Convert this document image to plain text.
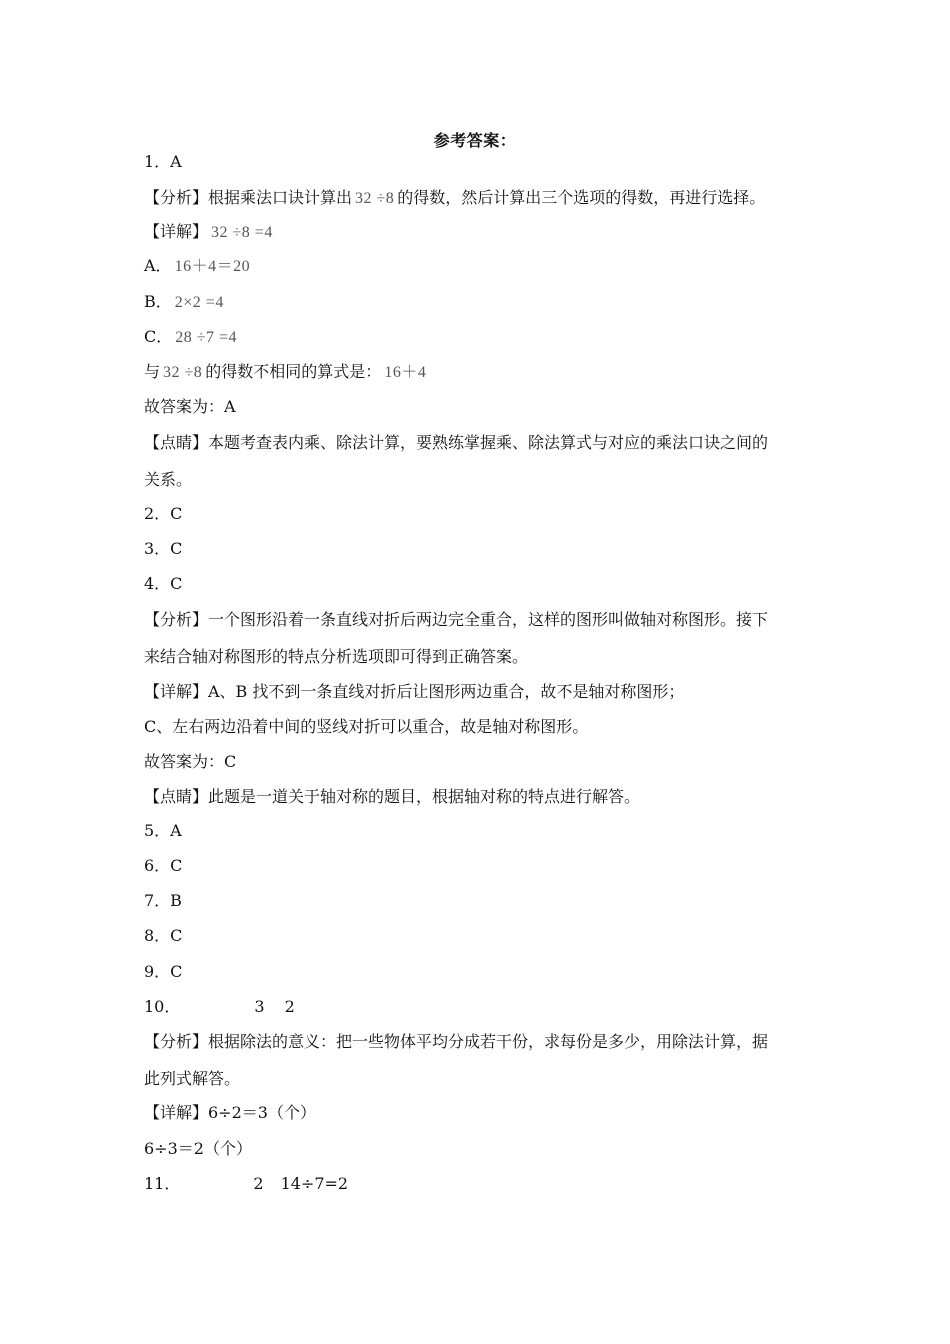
参考答案：
1．A
【分析】根据乘法口诀计算出 32 ÷8 的得数，然后计算出三个选项的得数，再进行选择。
【详解】 32 ÷8 =4
A． 16＋4＝20
B． 2×2 =4
C． 28 ÷7 =4
与 32 ÷8 的得数不相同的算式是： 16＋4
故答案为：A
【点睛】本题考查表内乘、除法计算，要熟练掌握乘、除法算式与对应的乘法口诀之间的
关系。
2．C
3．C
4．C
【分析】一个图形沿着一条直线对折后两边完全重合，这样的图形叫做轴对称图形。接下
来结合轴对称图形的特点分析选项即可得到正确答案。
【详解】A、B 找不到一条直线对折后让图形两边重合，故不是轴对称图形；
C、左右两边沿着中间的竖线对折可以重合，故是轴对称图形。
故答案为：C
【点睛】此题是一道关于轴对称的题目，根据轴对称的特点进行解答。
5．A
6．C
7．B
8．C
9．C
10．	3 2
【分析】根据除法的意义：把一些物体平均分成若干份，求每份是多少，用除法计算，据
此列式解答。
【详解】6÷2＝3（个）
6÷3＝2（个）
11．	2 14÷7=2
